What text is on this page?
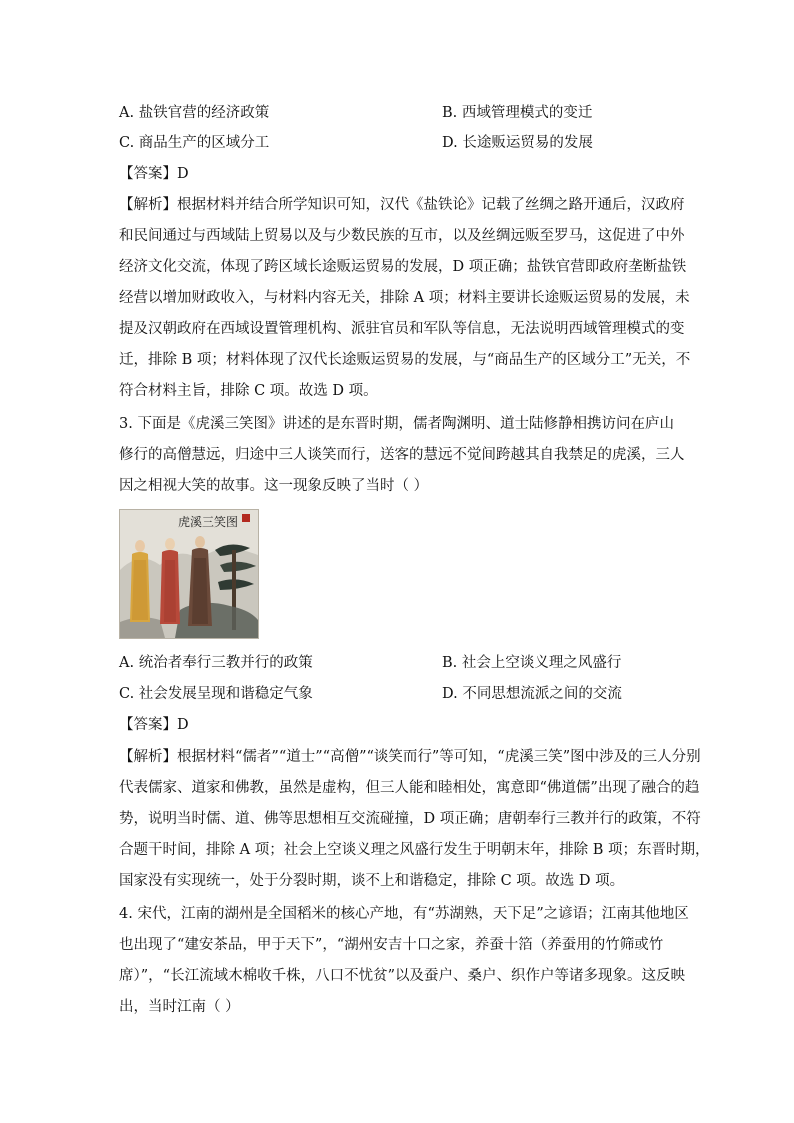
A. 盐铁官营的经济政策	B. 西域管理模式的变迁
C. 商品生产的区域分工	D. 长途贩运贸易的发展
【答案】D
【解析】根据材料并结合所学知识可知，汉代《盐铁论》记载了丝绸之路开通后，汉政府
和民间通过与西域陆上贸易以及与少数民族的互市，以及丝绸远贩至罗马，这促进了中外
经济文化交流，体现了跨区域长途贩运贸易的发展，D 项正确；盐铁官营即政府垄断盐铁
经营以增加财政收入，与材料内容无关，排除 A 项；材料主要讲长途贩运贸易的发展，未
提及汉朝政府在西域设置管理机构、派驻官员和军队等信息，无法说明西域管理模式的变
迁，排除 B 项；材料体现了汉代长途贩运贸易的发展，与“商品生产的区域分工”无关，不
符合材料主旨，排除 C 项。故选 D 项。
3. 下面是《虎溪三笑图》讲述的是东晋时期，儒者陶渊明、道士陆修静相携访问在庐山
修行的高僧慧远，归途中三人谈笑而行，送客的慧远不觉间跨越其自我禁足的虎溪，三人
因之相视大笑的故事。这一现象反映了当时（ ）
虎溪三笑图
A. 统治者奉行三教并行的政策	B. 社会上空谈义理之风盛行
C. 社会发展呈现和谐稳定气象	D. 不同思想流派之间的交流
【答案】D
【解析】根据材料“儒者”“道士”“高僧”“谈笑而行”等可知，“虎溪三笑”图中涉及的三人分别
代表儒家、道家和佛教，虽然是虚构，但三人能和睦相处，寓意即“佛道儒”出现了融合的趋
势，说明当时儒、道、佛等思想相互交流碰撞，D 项正确；唐朝奉行三教并行的政策，不符
合题干时间，排除 A 项；社会上空谈义理之风盛行发生于明朝末年，排除 B 项；东晋时期，
国家没有实现统一，处于分裂时期，谈不上和谐稳定，排除 C 项。故选 D 项。
4. 宋代，江南的湖州是全国稻米的核心产地，有“苏湖熟，天下足”之谚语；江南其他地区
也出现了“建安茶品，甲于天下”，“湖州安吉十口之家，养蚕十箔（养蚕用的竹筛或竹
席）”，“长江流域木棉收千株，八口不忧贫”以及蚕户、桑户、织作户等诸多现象。这反映
出，当时江南（ ）
